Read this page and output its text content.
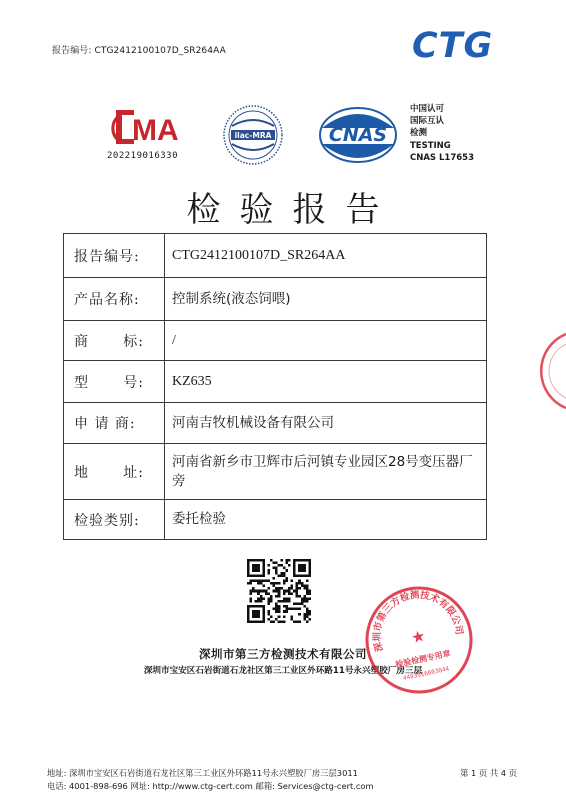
报告编号: CTG2412100107D_SR264AA	CTG
MA
202219016330
ilac-MRA	CNAS
中国认可
国际互认
检测
TESTING
CNAS L17653
检验报告
报告编号:	CTG2412100107D_SR264AA
产品名称:	控制系统(液态饲喂)

商 标:	/

型 号:	KZ635
申 请 商:	河南吉牧机械设备有限公司

地 址:	河南省新乡市卫辉市后河镇专业园区28号变压器厂旁
检验类别:	委托检验
深圳市第三方检测技术有限公司
深圳市宝安区石岩街道石龙社区第三工业区外环路11号永兴塑胶厂房三层
深圳市第三方检测技术有限公司
★
检验检测专用章
4403916603044
地址: 深圳市宝安区石岩街道石龙社区第三工业区外环路11号永兴塑胶厂房三层3011
电话: 4001-898-696 网址: http://www.ctg-cert.com 邮箱: Services@ctg-cert.com
第 1 页 共 4 页
